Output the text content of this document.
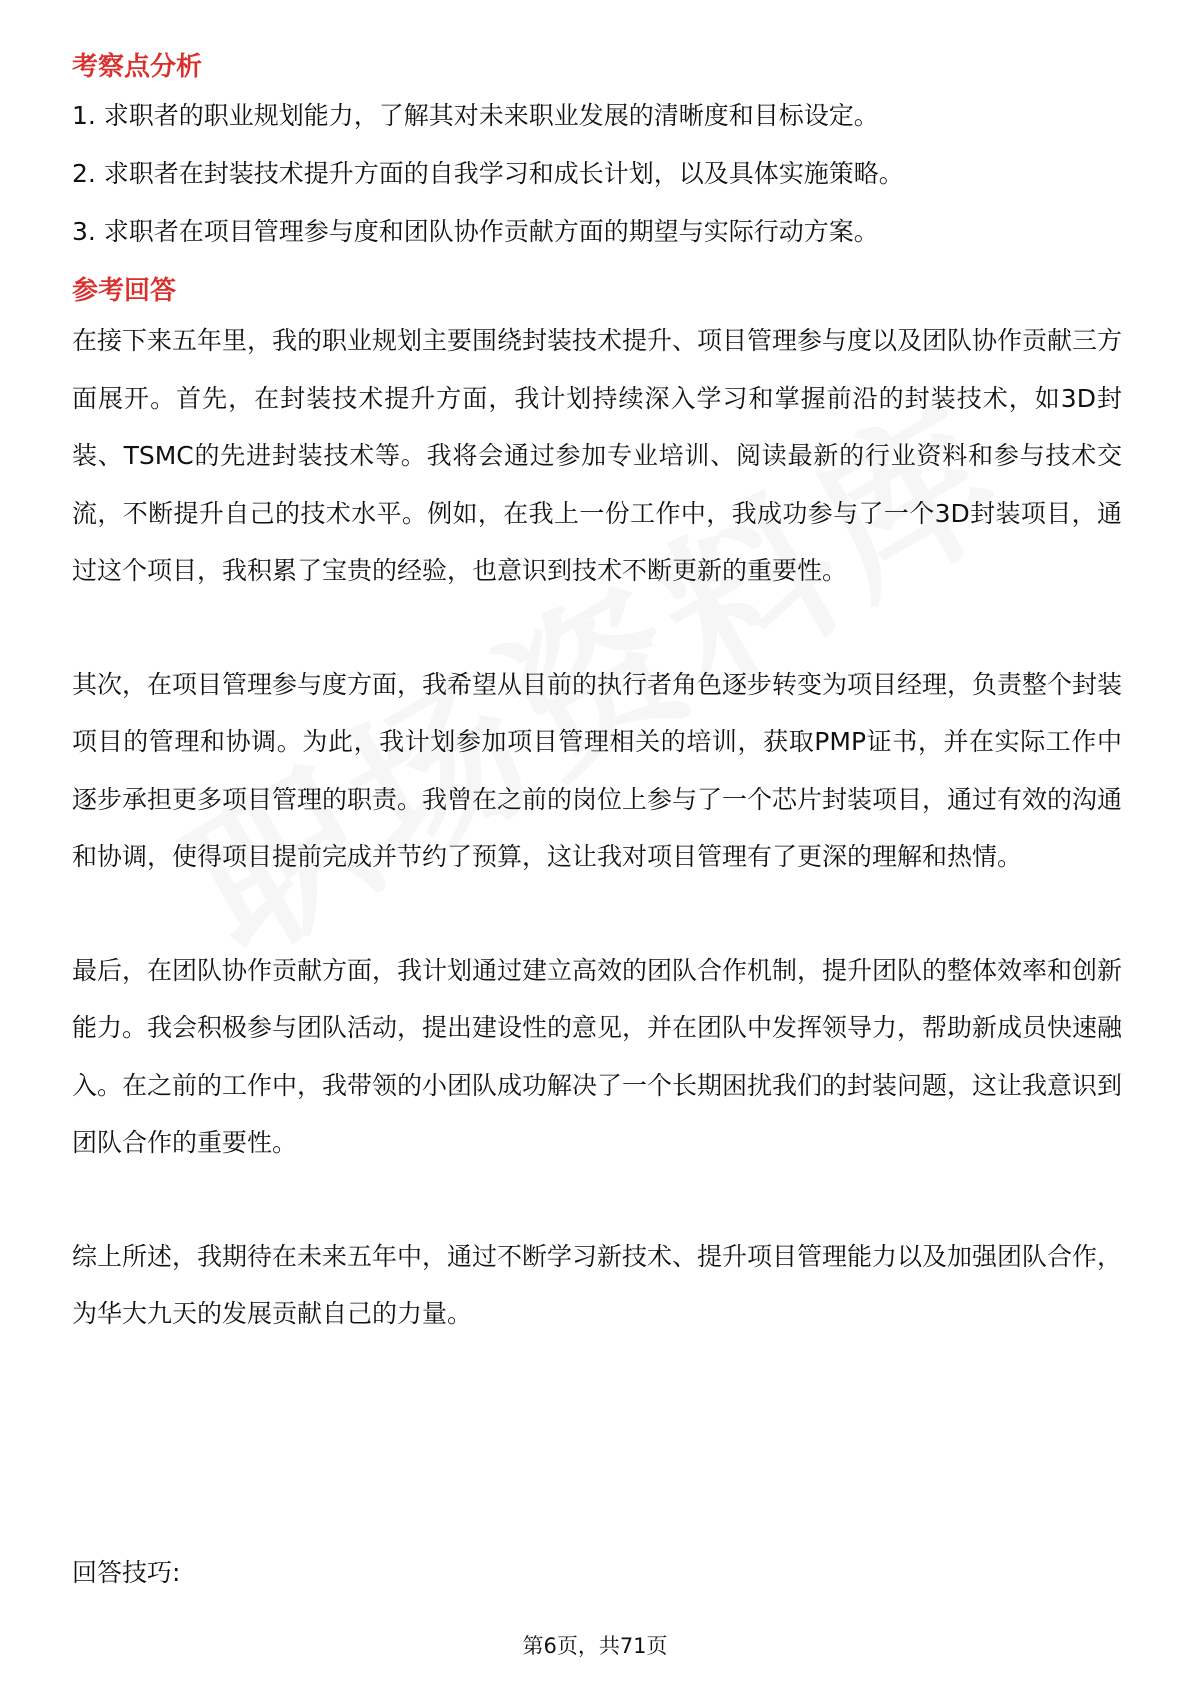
考察点分析

1. 求职者的职业规划能力，了解其对未来职业发展的清晰度和目标设定。

2. 求职者在封装技术提升方面的自我学习和成长计划，以及具体实施策略。

3. 求职者在项目管理参与度和团队协作贡献方面的期望与实际行动方案。

参考回答

在接下来五年里，我的职业规划主要围绕封装技术提升、项目管理参与度以及团队协作贡献三方面展开。首先，在封装技术提升方面，我计划持续深入学习和掌握前沿的封装技术，如3D封装、TSMC的先进封装技术等。我将会通过参加专业培训、阅读最新的行业资料和参与技术交流，不断提升自己的技术水平。例如，在我上一份工作中，我成功参与了一个3D封装项目，通过这个项目，我积累了宝贵的经验，也意识到技术不断更新的重要性。

其次，在项目管理参与度方面，我希望从目前的执行者角色逐步转变为项目经理，负责整个封装项目的管理和协调。为此，我计划参加项目管理相关的培训，获取PMP证书，并在实际工作中逐步承担更多项目管理的职责。我曾在之前的岗位上参与了一个芯片封装项目，通过有效的沟通和协调，使得项目提前完成并节约了预算，这让我对项目管理有了更深的理解和热情。

最后，在团队协作贡献方面，我计划通过建立高效的团队合作机制，提升团队的整体效率和创新能力。我会积极参与团队活动，提出建设性的意见，并在团队中发挥领导力，帮助新成员快速融入。在之前的工作中，我带领的小团队成功解决了一个长期困扰我们的封装问题，这让我意识到团队合作的重要性。

综上所述，我期待在未来五年中，通过不断学习新技术、提升项目管理能力以及加强团队合作，为华大九天的发展贡献自己的力量。

回答技巧:

第6页，共71页
